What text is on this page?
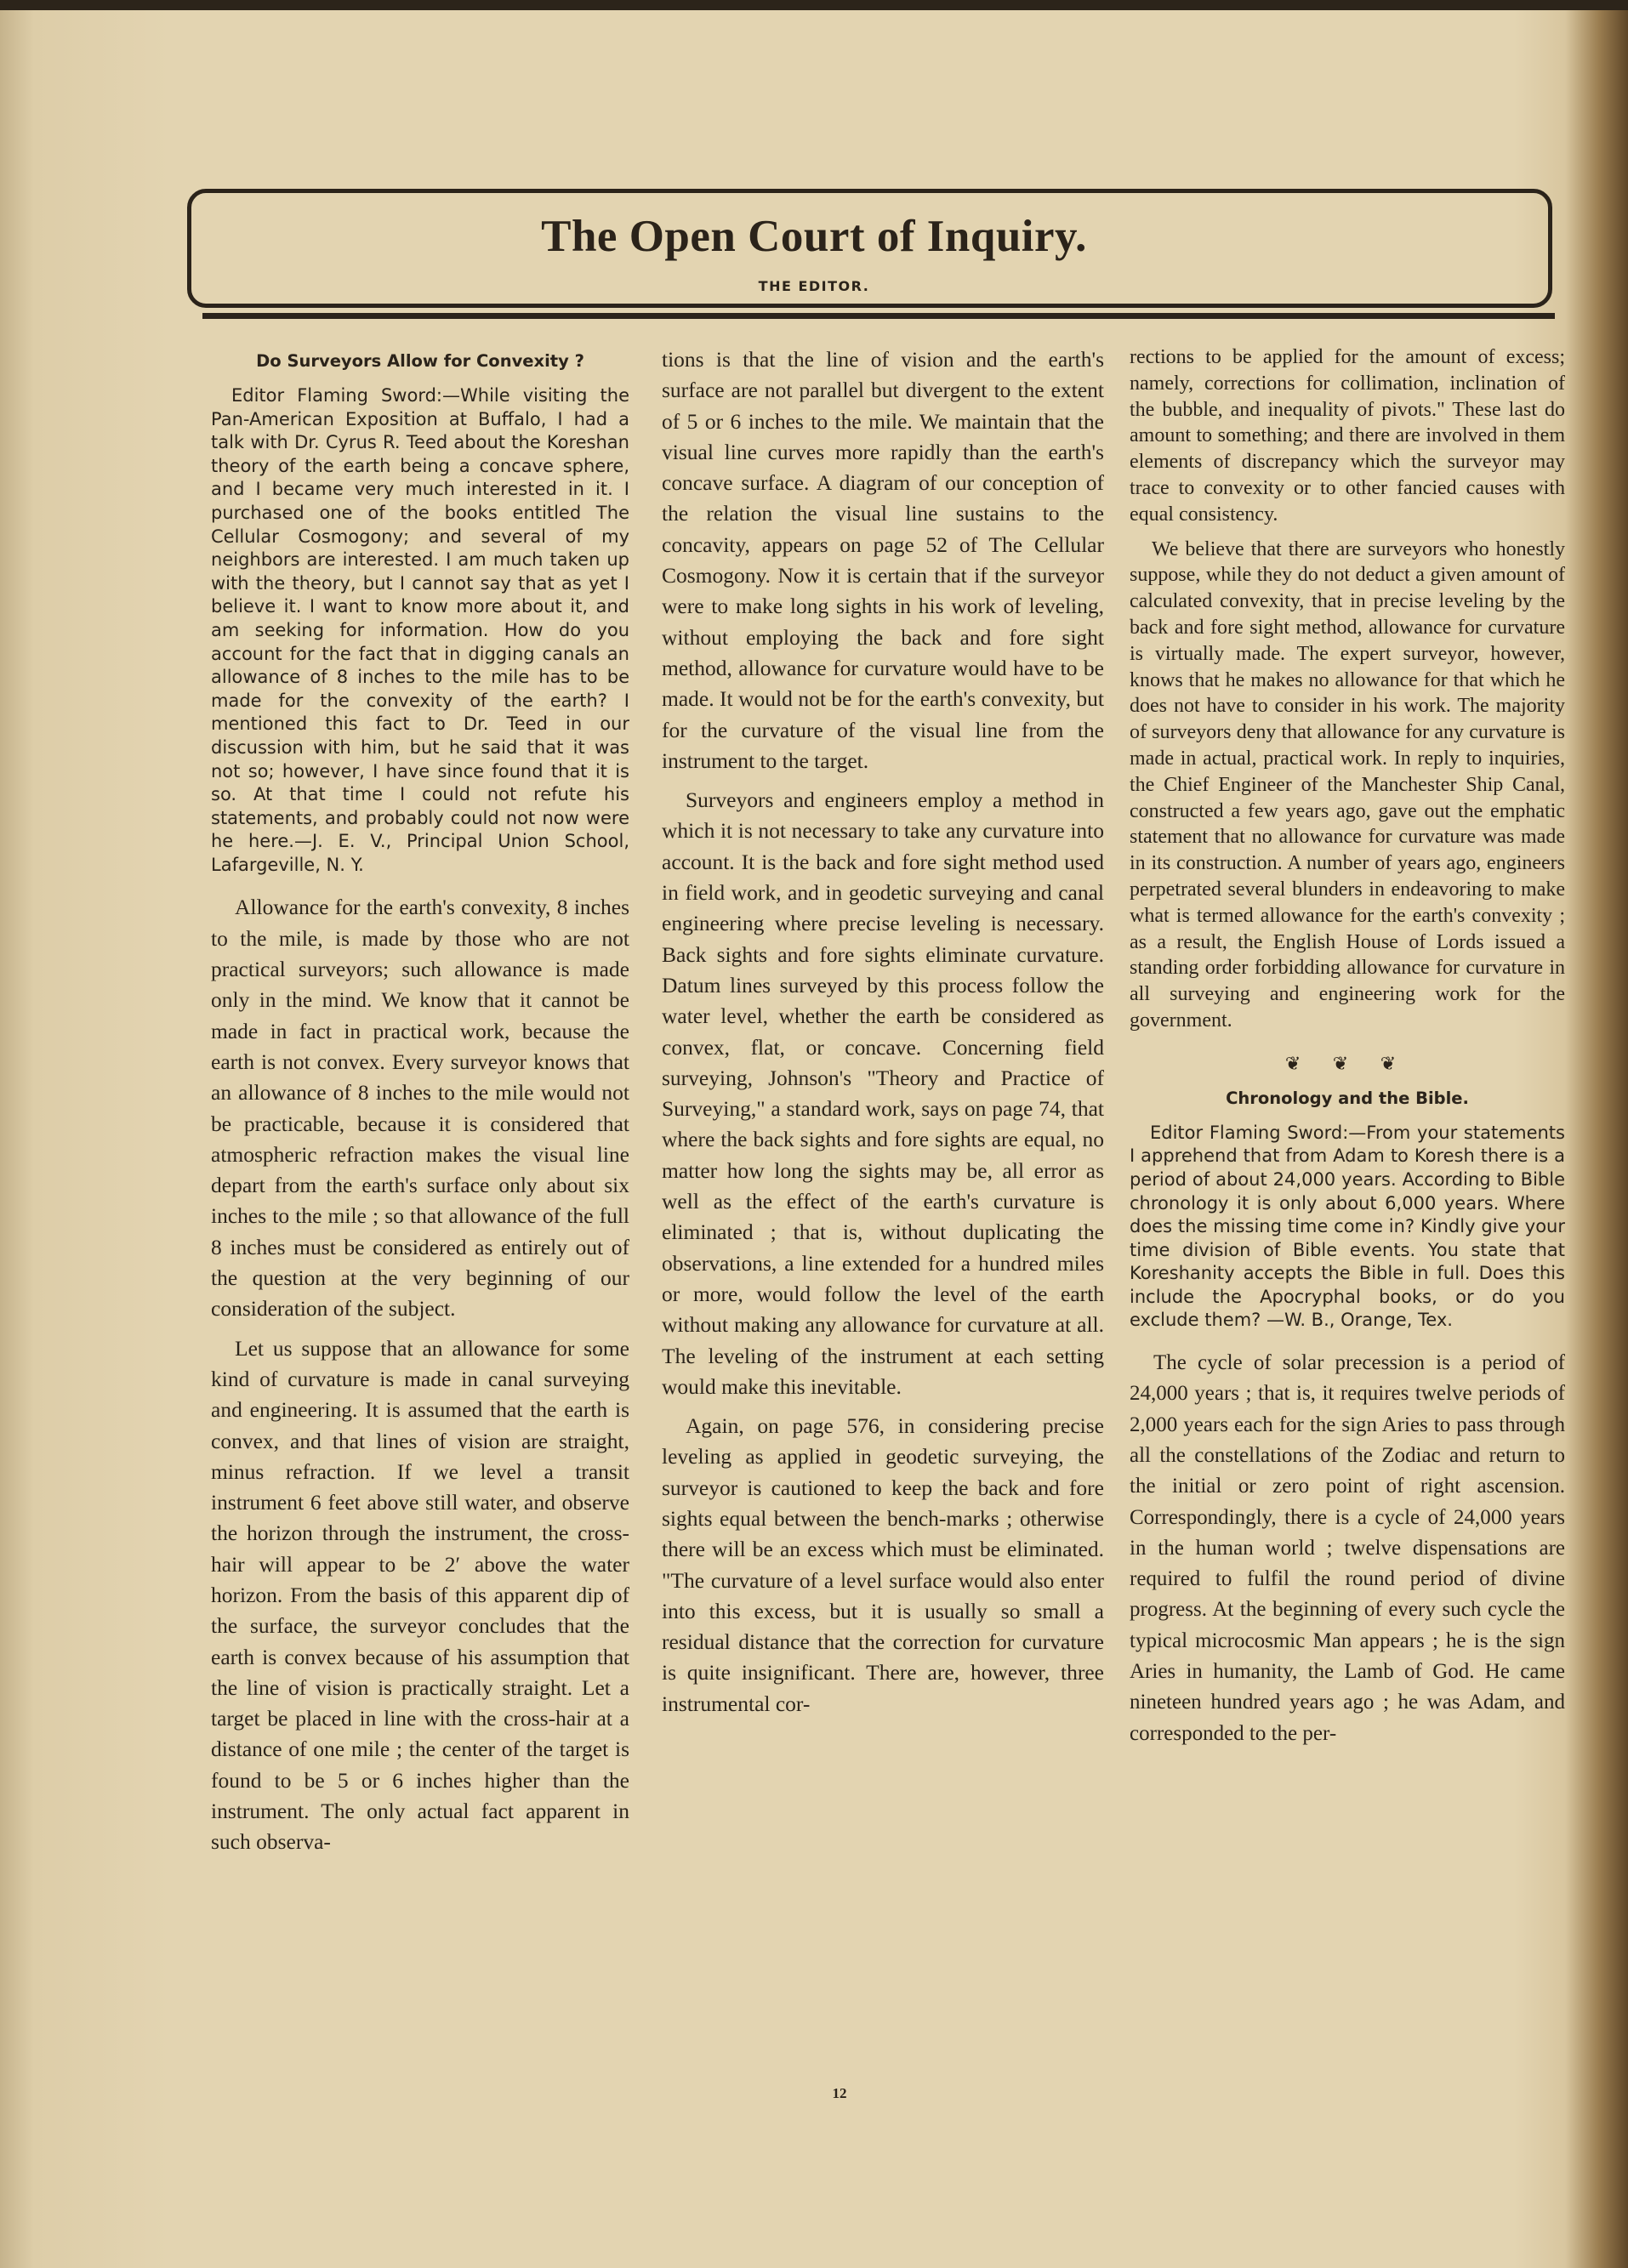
The Open Court of Inquiry.
THE EDITOR.
Do Surveyors Allow for Convexity ?

Editor Flaming Sword:—While visiting the Pan-American Exposition at Buffalo, I had a talk with Dr. Cyrus R. Teed about the Koreshan theory of the earth being a concave sphere, and I became very much interested in it. I purchased one of the books entitled The Cellular Cosmogony; and several of my neighbors are interested. I am much taken up with the theory, but I cannot say that as yet I believe it. I want to know more about it, and am seeking for information. How do you account for the fact that in digging canals an allowance of 8 inches to the mile has to be made for the convexity of the earth? I mentioned this fact to Dr. Teed in our discussion with him, but he said that it was not so; however, I have since found that it is so. At that time I could not refute his statements, and probably could not now were he here.—J. E. V., Principal Union School, Lafargeville, N. Y.

Allowance for the earth's convexity, 8 inches to the mile, is made by those who are not practical surveyors; such allowance is made only in the mind. We know that it cannot be made in fact in practical work, because the earth is not convex. Every surveyor knows that an allowance of 8 inches to the mile would not be practicable, because it is considered that atmospheric refraction makes the visual line depart from the earth's surface only about six inches to the mile ; so that allowance of the full 8 inches must be considered as entirely out of the question at the very beginning of our consideration of the subject.

Let us suppose that an allowance for some kind of curvature is made in canal surveying and engineering. It is assumed that the earth is convex, and that lines of vision are straight, minus refraction. If we level a transit instrument 6 feet above still water, and observe the horizon through the instrument, the cross-hair will appear to be 2′ above the water horizon. From the basis of this apparent dip of the surface, the surveyor concludes that the earth is convex because of his assumption that the line of vision is practically straight. Let a target be placed in line with the cross-hair at a distance of one mile ; the center of the target is found to be 5 or 6 inches higher than the instrument. The only actual fact apparent in such observa-

tions is that the line of vision and the earth's surface are not parallel but divergent to the extent of 5 or 6 inches to the mile. We maintain that the visual line curves more rapidly than the earth's concave surface. A diagram of our conception of the relation the visual line sustains to the concavity, appears on page 52 of The Cellular Cosmogony. Now it is certain that if the surveyor were to make long sights in his work of leveling, without employing the back and fore sight method, allowance for curvature would have to be made. It would not be for the earth's convexity, but for the curvature of the visual line from the instrument to the target.

Surveyors and engineers employ a method in which it is not necessary to take any curvature into account. It is the back and fore sight method used in field work, and in geodetic surveying and canal engineering where precise leveling is necessary. Back sights and fore sights eliminate curvature. Datum lines surveyed by this process follow the water level, whether the earth be considered as convex, flat, or concave. Concerning field surveying, Johnson's "Theory and Practice of Surveying," a standard work, says on page 74, that where the back sights and fore sights are equal, no matter how long the sights may be, all error as well as the effect of the earth's curvature is eliminated ; that is, without duplicating the observations, a line extended for a hundred miles or more, would follow the level of the earth without making any allowance for curvature at all. The leveling of the instrument at each setting would make this inevitable.

Again, on page 576, in considering precise leveling as applied in geodetic surveying, the surveyor is cautioned to keep the back and fore sights equal between the bench-marks ; otherwise there will be an excess which must be eliminated. "The curvature of a level surface would also enter into this excess, but it is usually so small a residual distance that the correction for curvature is quite insignificant. There are, however, three instrumental cor-

rections to be applied for the amount of excess; namely, corrections for collimation, inclination of the bubble, and inequality of pivots." These last do amount to something; and there are involved in them elements of discrepancy which the surveyor may trace to convexity or to other fancied causes with equal consistency.

We believe that there are surveyors who honestly suppose, while they do not deduct a given amount of calculated convexity, that in precise leveling by the back and fore sight method, allowance for curvature is virtually made. The expert surveyor, however, knows that he makes no allowance for that which he does not have to consider in his work. The majority of surveyors deny that allowance for any curvature is made in actual, practical work. In reply to inquiries, the Chief Engineer of the Manchester Ship Canal, constructed a few years ago, gave out the emphatic statement that no allowance for curvature was made in its construction. A number of years ago, engineers perpetrated several blunders in endeavoring to make what is termed allowance for the earth's convexity ; as a result, the English House of Lords issued a standing order forbidding allowance for curvature in all surveying and engineering work for the government.

❦ ❦ ❦
Chronology and the Bible.

Editor Flaming Sword:—From your statements I apprehend that from Adam to Koresh there is a period of about 24,000 years. According to Bible chronology it is only about 6,000 years. Where does the missing time come in? Kindly give your time division of Bible events. You state that Koreshanity accepts the Bible in full. Does this include the Apocryphal books, or do you exclude them? —W. B., Orange, Tex.

The cycle of solar precession is a period of 24,000 years ; that is, it requires twelve periods of 2,000 years each for the sign Aries to pass through all the constellations of the Zodiac and return to the initial or zero point of right ascension. Correspondingly, there is a cycle of 24,000 years in the human world ; twelve dispensations are required to fulfil the round period of divine progress. At the beginning of every such cycle the typical microcosmic Man appears ; he is the sign Aries in humanity, the Lamb of God. He came nineteen hundred years ago ; he was Adam, and corresponded to the per-

12
